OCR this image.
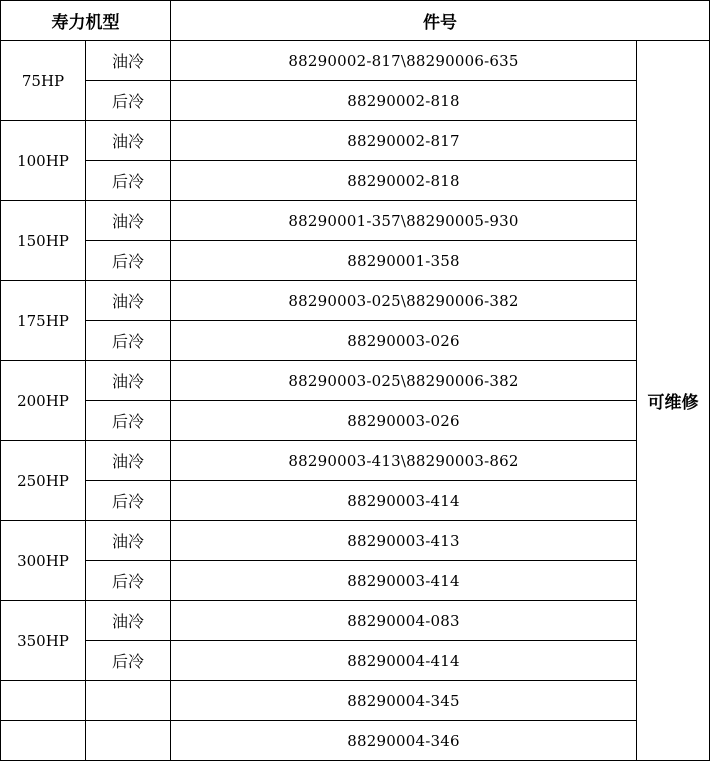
寿力机型		件号	
75HP	油冷	88290002-817\88290006-635	可维修
	后冷	88290002-818	
100HP	油冷	88290002-817	
	后冷	88290002-818	
150HP	油冷	88290001-357\88290005-930	
	后冷	88290001-358	
175HP	油冷	88290003-025\88290006-382	
	后冷	88290003-026	
200HP	油冷	88290003-025\88290006-382	
	后冷	88290003-026	
250HP	油冷	88290003-413\88290003-862	
	后冷	88290003-414	
300HP	油冷	88290003-413	
	后冷	88290003-414	
350HP	油冷	88290004-083	
	后冷	88290004-414	
		88290004-345	
		88290004-346	
